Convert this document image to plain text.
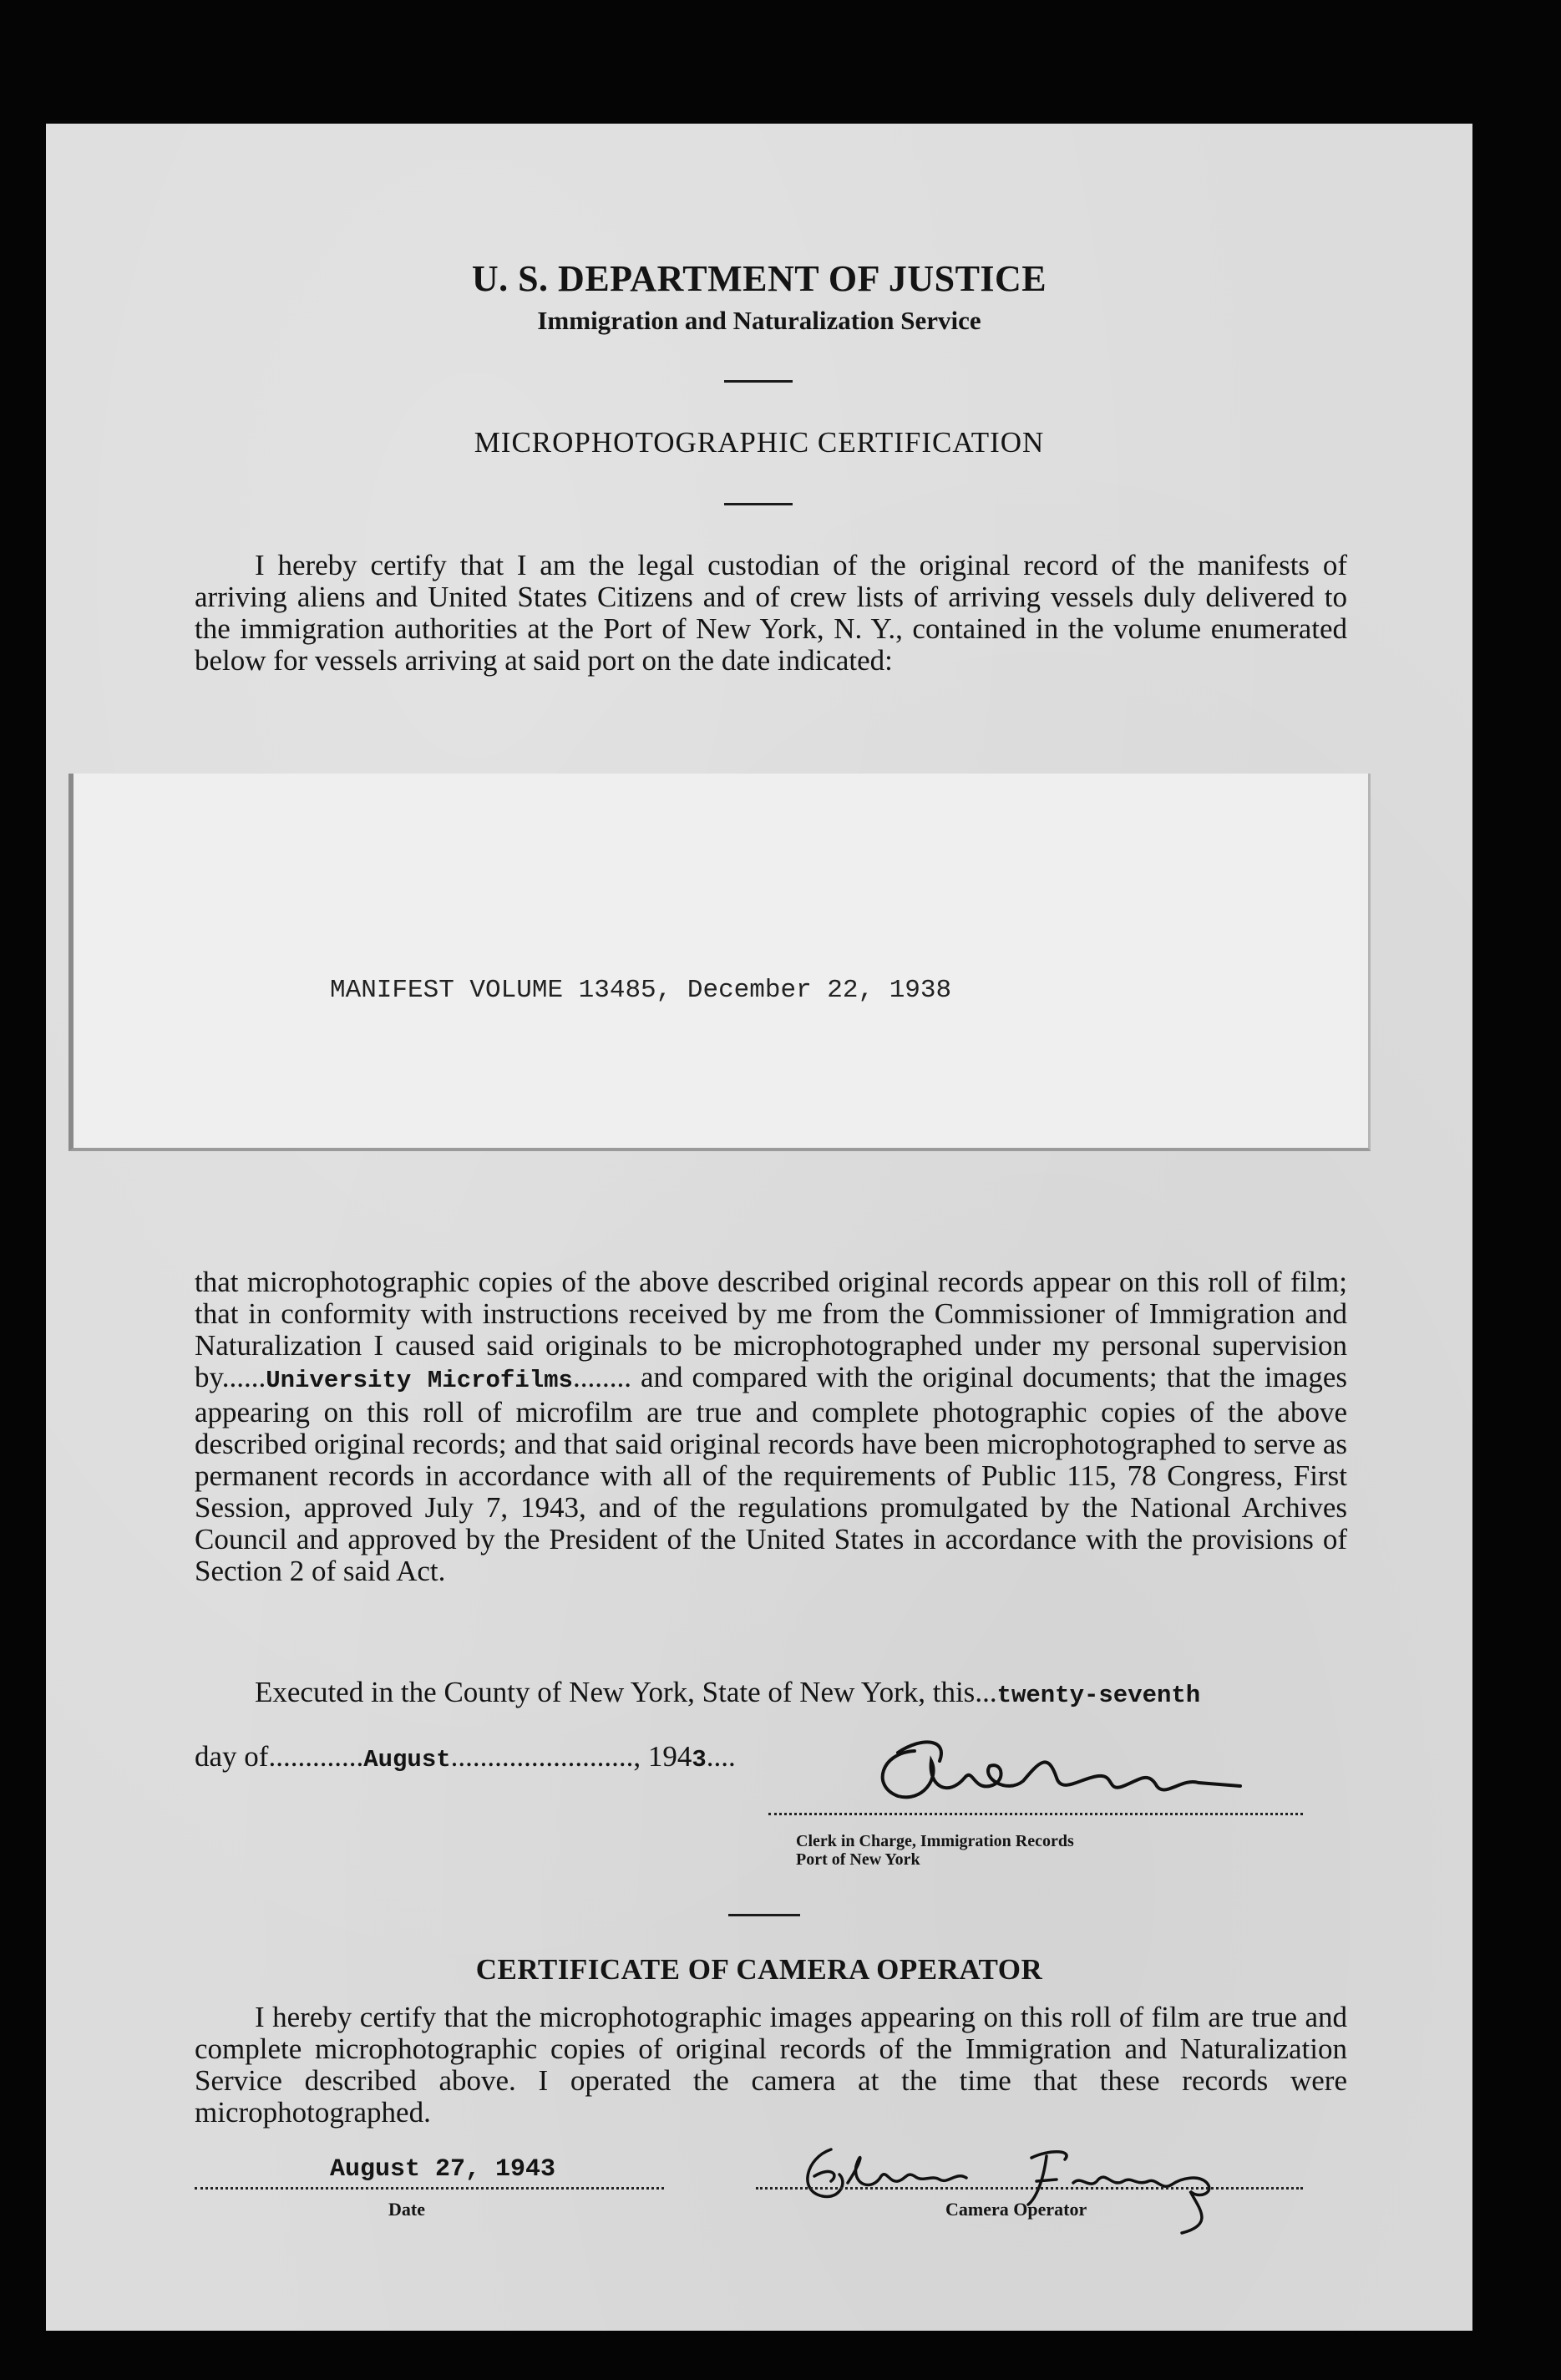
U. S. DEPARTMENT OF JUSTICE

Immigration and Naturalization Service

MICROPHOTOGRAPHIC CERTIFICATION

I hereby certify that I am the legal custodian of the original record of the manifests of arriving aliens and United States Citizens and of crew lists of arriving vessels duly delivered to the immigration authorities at the Port of New York, N. Y., contained in the volume enumerated below for vessels arriving at said port on the date indicated:

MANIFEST VOLUME 13485, December 22, 1938

that microphotographic copies of the above described original records appear on this roll of film; that in conformity with instructions received by me from the Commissioner of Immigration and Naturalization I caused said originals to be microphotographed under my personal supervision by......University Microfilms........ and compared with the original documents; that the images appearing on this roll of microfilm are true and complete photographic copies of the above described original records; and that said original records have been microphotographed to serve as permanent records in accordance with all of the requirements of Public 115, 78 Congress, First Session, approved July 7, 1943, and of the regulations promulgated by the National Archives Council and approved by the President of the United States in accordance with the provisions of Section 2 of said Act.

Executed in the County of New York, State of New York, this...twenty-seventh

day of.............August........................., 1943....

Clerk in Charge, Immigration Records
Port of New York

CERTIFICATE OF CAMERA OPERATOR

I hereby certify that the microphotographic images appearing on this roll of film are true and complete microphotographic copies of original records of the Immigration and Naturalization Service described above. I operated the camera at the time that these records were microphotographed.

August 27, 1943
Date	Camera Operator
